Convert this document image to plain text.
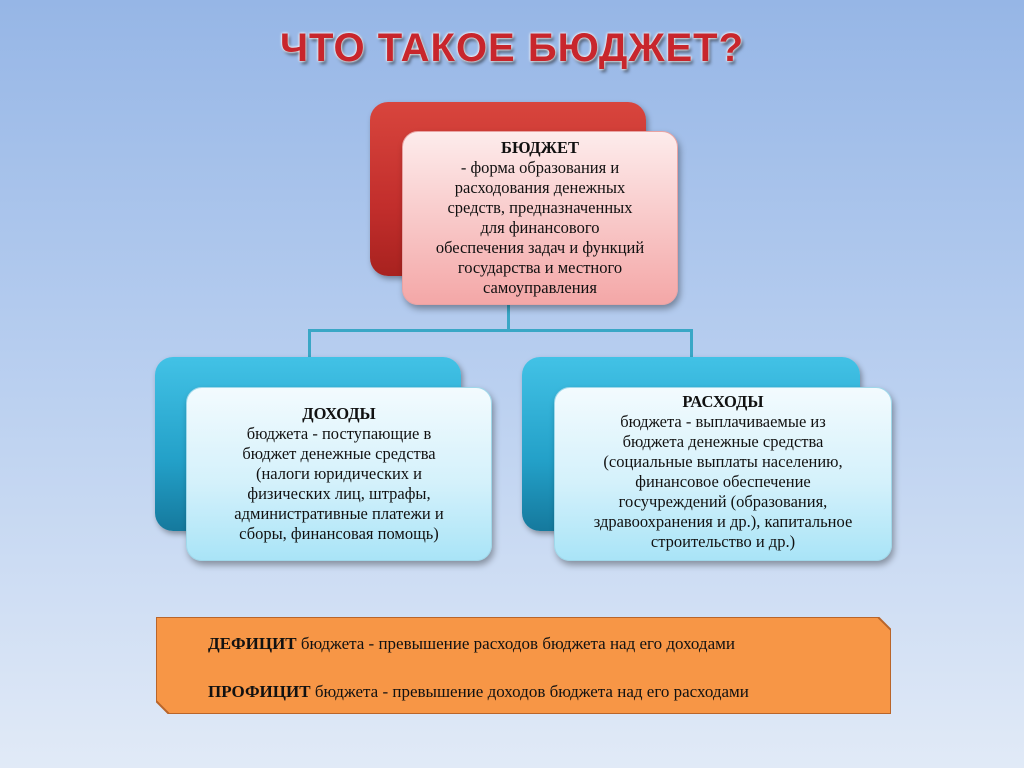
ЧТО ТАКОЕ БЮДЖЕТ?
БЮДЖЕТ
- форма образования и
расходования денежных
средств, предназначенных
для финансового
обеспечения задач и функций
государства и местного
самоуправления
ДОХОДЫ
бюджета - поступающие в
бюджет денежные средства
(налоги юридических и
физических лиц, штрафы,
административные платежи и
сборы, финансовая помощь)
РАСХОДЫ
бюджета - выплачиваемые из
бюджета денежные средства
(социальные выплаты населению,
финансовое обеспечение
госучреждений (образования,
здравоохранения и др.), капитальное
строительство и др.)
ДЕФИЦИТ бюджета - превышение расходов бюджета над его доходами
ПРОФИЦИТ бюджета - превышение доходов бюджета над его расходами
